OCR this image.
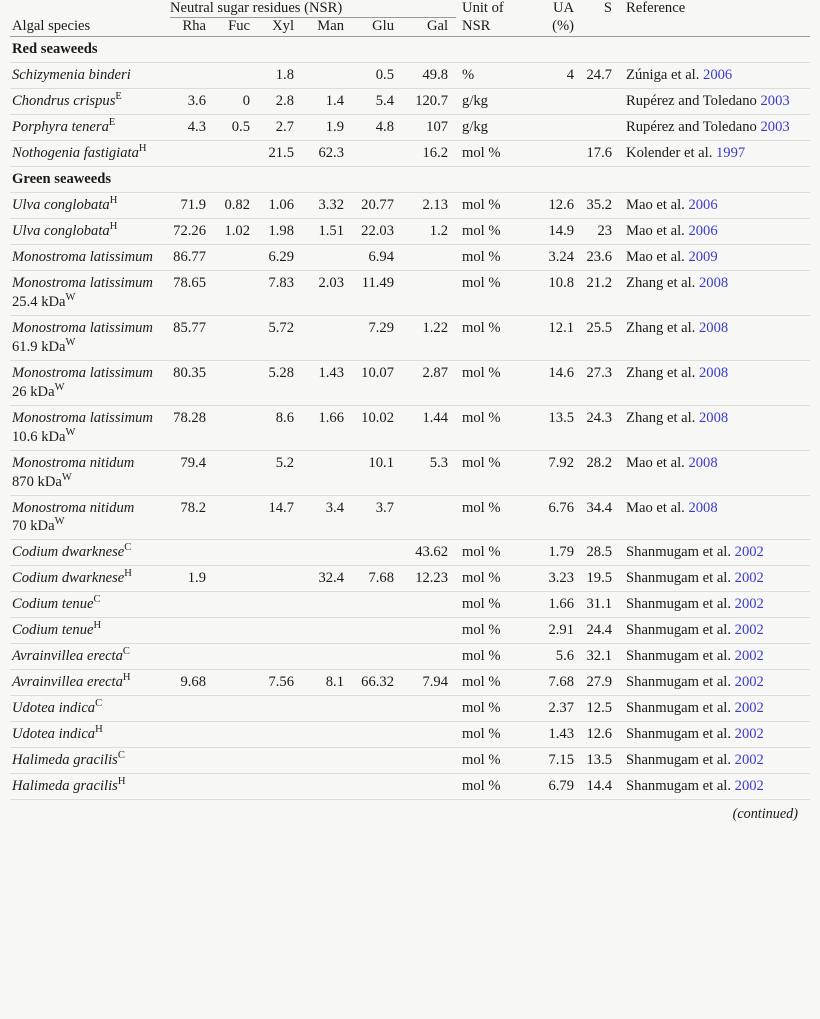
	Neutral sugar residues (NSR)						Unit of	UA	S	Reference
Algal species	Rha	Fuc	Xyl	Man	Glu	Gal	NSR	(%)		
Red seaweeds										
Schizymenia binderi			1.8		0.5	49.8	%	4	24.7	Zúniga et al. 2006
Chondrus crispus$^E$	3.6	0	2.8	1.4	5.4	120.7	g/kg			Rupérez and Toledano 2003
Porphyra tenera$^E$	4.3	0.5	2.7	1.9	4.8	107	g/kg			Rupérez and Toledano 2003
Nothogenia fastigiata$^H$			21.5	62.3		16.2	mol %		17.6	Kolender et al. 1997
Green seaweeds										
Ulva conglobata$^H$	71.9	0.82	1.06	3.32	20.77	2.13	mol %	12.6	35.2	Mao et al. 2006
Ulva conglobata$^H$	72.26	1.02	1.98	1.51	22.03	1.2	mol %	14.9	23	Mao et al. 2006
Monostroma latissimum	86.77		6.29		6.94		mol %	3.24	23.6	Mao et al. 2009
Monostroma latissimum
25.4 kDa$^W$	78.65		7.83	2.03	11.49		mol %	10.8	21.2	Zhang et al. 2008
Monostroma latissimum
61.9 kDa$^W$	85.77		5.72		7.29	1.22	mol %	12.1	25.5	Zhang et al. 2008
Monostroma latissimum
26 kDa$^W$	80.35		5.28	1.43	10.07	2.87	mol %	14.6	27.3	Zhang et al. 2008
Monostroma latissimum
10.6 kDa$^W$	78.28		8.6	1.66	10.02	1.44	mol %	13.5	24.3	Zhang et al. 2008
Monostroma nitidum
870 kDa$^W$	79.4		5.2		10.1	5.3	mol %	7.92	28.2	Mao et al. 2008
Monostroma nitidum
70 kDa$^W$	78.2		14.7	3.4	3.7		mol %	6.76	34.4	Mao et al. 2008
Codium dwarknese$^C$						43.62	mol %	1.79	28.5	Shanmugam et al. 2002
Codium dwarknese$^H$	1.9			32.4	7.68	12.23	mol %	3.23	19.5	Shanmugam et al. 2002
Codium tenue$^C$							mol %	1.66	31.1	Shanmugam et al. 2002
Codium tenue$^H$							mol %	2.91	24.4	Shanmugam et al. 2002
Avrainvillea erecta$^C$							mol %	5.6	32.1	Shanmugam et al. 2002
Avrainvillea erecta$^H$	9.68		7.56	8.1	66.32	7.94	mol %	7.68	27.9	Shanmugam et al. 2002
Udotea indica$^C$							mol %	2.37	12.5	Shanmugam et al. 2002
Udotea indica$^H$							mol %	1.43	12.6	Shanmugam et al. 2002
Halimeda gracilis$^C$							mol %	7.15	13.5	Shanmugam et al. 2002
Halimeda gracilis$^H$							mol %	6.79	14.4	Shanmugam et al. 2002
(continued)
